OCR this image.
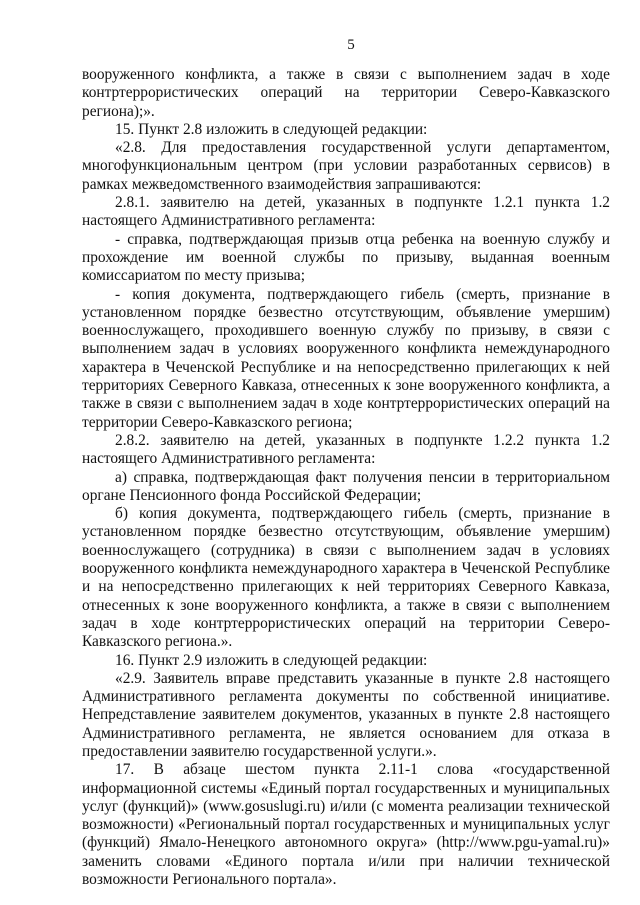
5

вооруженного конфликта, а также в связи с выполнением задач в ходе контртеррористических операций на территории Северо-Кавказского региона);».

15. Пункт 2.8 изложить в следующей редакции:

«2.8. Для предоставления государственной услуги департаментом, многофункциональным центром (при условии разработанных сервисов) в рамках межведомственного взаимодействия запрашиваются:

2.8.1. заявителю на детей, указанных в подпункте 1.2.1 пункта 1.2 настоящего Административного регламента:

- справка, подтверждающая призыв отца ребенка на военную службу и прохождение им военной службы по призыву, выданная военным комиссариатом по месту призыва;

- копия документа, подтверждающего гибель (смерть, признание в установленном порядке безвестно отсутствующим, объявление умершим) военнослужащего, проходившего военную службу по призыву, в связи с выполнением задач в условиях вооруженного конфликта немеждународного характера в Чеченской Республике и на непосредственно прилегающих к ней территориях Северного Кавказа, отнесенных к зоне вооруженного конфликта, а также в связи с выполнением задач в ходе контртеррористических операций на территории Северо-Кавказского региона;

2.8.2. заявителю на детей, указанных в подпункте 1.2.2 пункта 1.2 настоящего Административного регламента:

а) справка, подтверждающая факт получения пенсии в территориальном органе Пенсионного фонда Российской Федерации;

б) копия документа, подтверждающего гибель (смерть, признание в установленном порядке безвестно отсутствующим, объявление умершим) военнослужащего (сотрудника) в связи с выполнением задач в условиях вооруженного конфликта немеждународного характера в Чеченской Республике и на непосредственно прилегающих к ней территориях Северного Кавказа, отнесенных к зоне вооруженного конфликта, а также в связи с выполнением задач в ходе контртеррористических операций на территории Северо-Кавказского региона.».

16. Пункт 2.9 изложить в следующей редакции:

«2.9. Заявитель вправе представить указанные в пункте 2.8 настоящего Административного регламента документы по собственной инициативе. Непредставление заявителем документов, указанных в пункте 2.8 настоящего Административного регламента, не является основанием для отказа в предоставлении заявителю государственной услуги.».

17. В абзаце шестом пункта 2.11-1 слова «государственной информационной системы «Единый портал государственных и муниципальных услуг (функций)» (www.gosuslugi.ru) и/или (с момента реализации технической возможности) «Региональный портал государственных и муниципальных услуг (функций) Ямало-Ненецкого автономного округа» (http://www.pgu-yamal.ru)» заменить словами «Единого портала и/или при наличии технической возможности Регионального портала».
